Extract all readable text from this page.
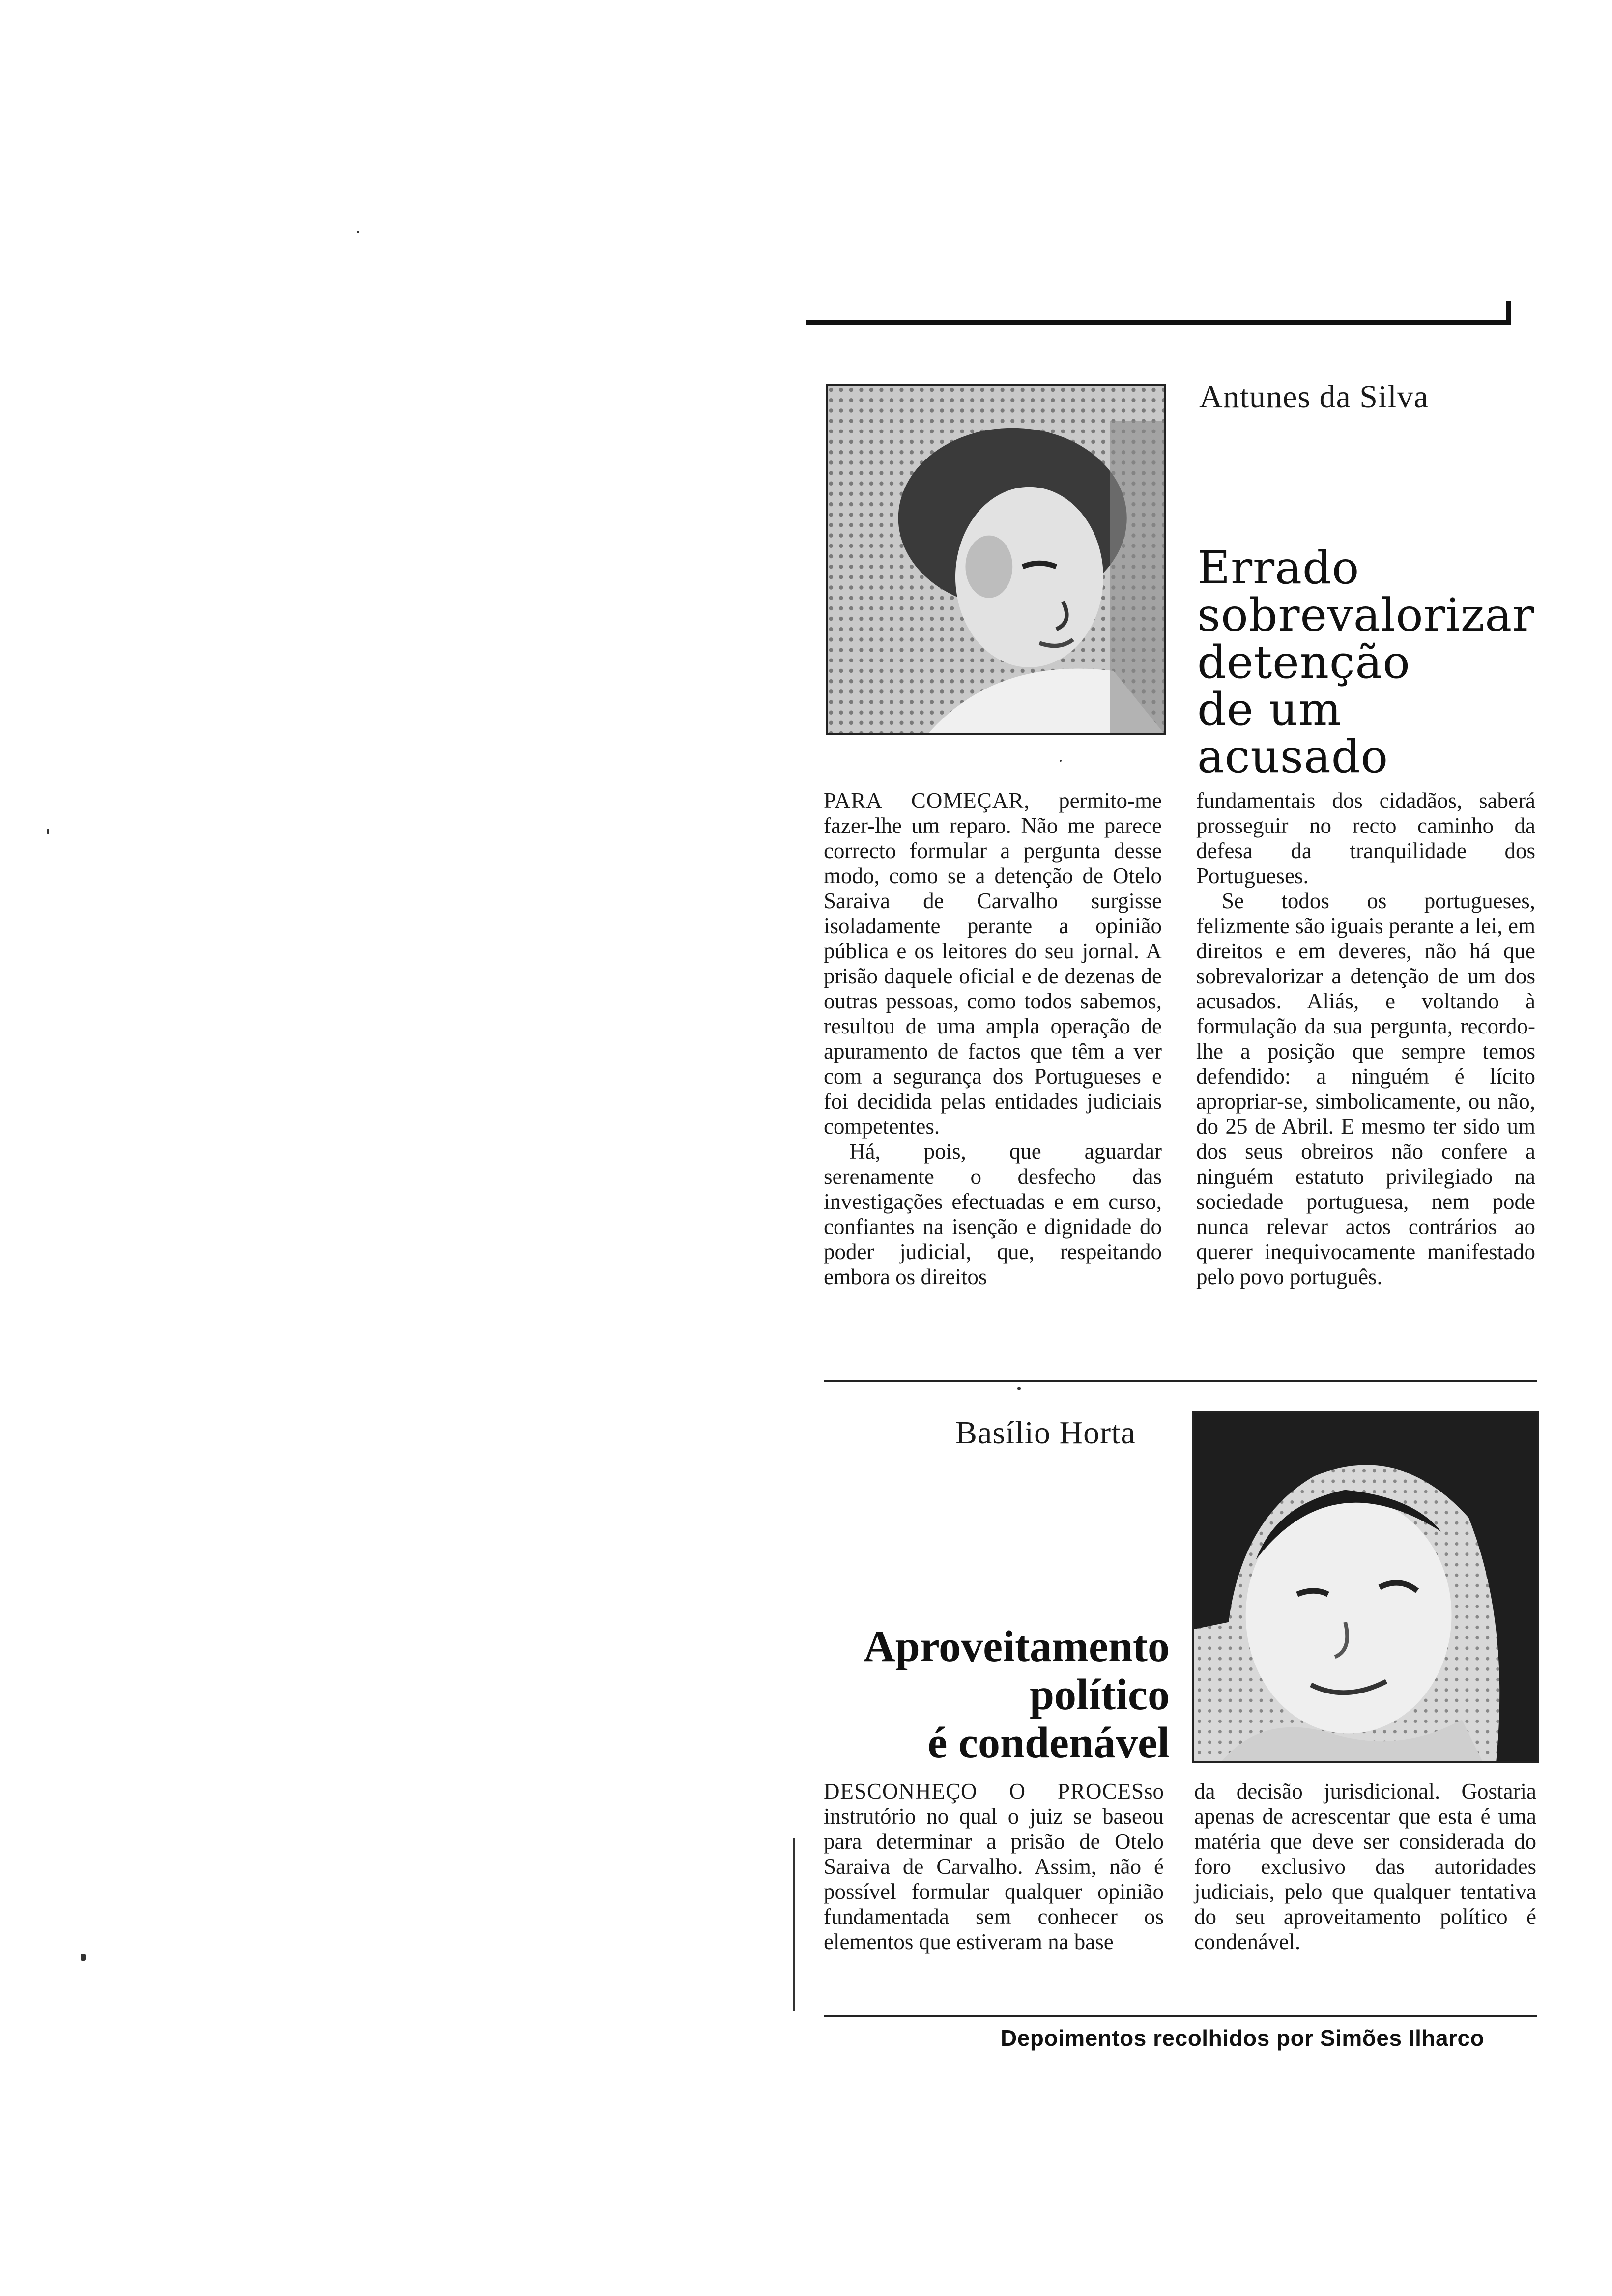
Antunes da Silva
Errado
sobrevalorizar
detenção
de um acusado

PARA COMEÇAR, permito-me fazer-lhe um reparo. Não me parece correcto formular a pergunta desse modo, como se a detenção de Otelo Saraiva de Carvalho surgisse isoladamente perante a opinião pública e os leitores do seu jornal. A prisão daquele oficial e de dezenas de outras pessoas, como todos sabemos, resultou de uma ampla operação de apuramento de factos que têm a ver com a segurança dos Portugueses e foi decidida pelas entidades judiciais competentes.

Há, pois, que aguardar serenamente o desfecho das investigações efectuadas e em curso, confiantes na isenção e dignidade do poder judicial, que, respeitando embora os direitos

fundamentais dos cidadãos, saberá prosseguir no recto caminho da defesa da tranquilidade dos Portugueses.

Se todos os portugueses, felizmente são iguais perante a lei, em direitos e em deveres, não há que sobrevalorizar a detenção de um dos acusados. Aliás, e voltando à formulação da sua pergunta, recordo-lhe a posição que sempre temos defendido: a ninguém é lícito apropriar-se, simbolicamente, ou não, do 25 de Abril. E mesmo ter sido um dos seus obreiros não confere a ninguém estatuto privilegiado na sociedade portuguesa, nem pode nunca relevar actos contrários ao querer inequivocamente manifestado pelo povo português.

Basílio Horta
Aproveitamento
político
é condenável

DESCONHEÇO O PROCESso instrutório no qual o juiz se baseou para determinar a prisão de Otelo Saraiva de Carvalho. Assim, não é possível formular qualquer opinião fundamentada sem conhecer os elementos que estiveram na base

da decisão jurisdicional. Gostaria apenas de acrescentar que esta é uma matéria que deve ser considerada do foro exclusivo das autoridades judiciais, pelo que qualquer tentativa do seu aproveitamento político é condenável.

Depoimentos recolhidos por Simões Ilharco
